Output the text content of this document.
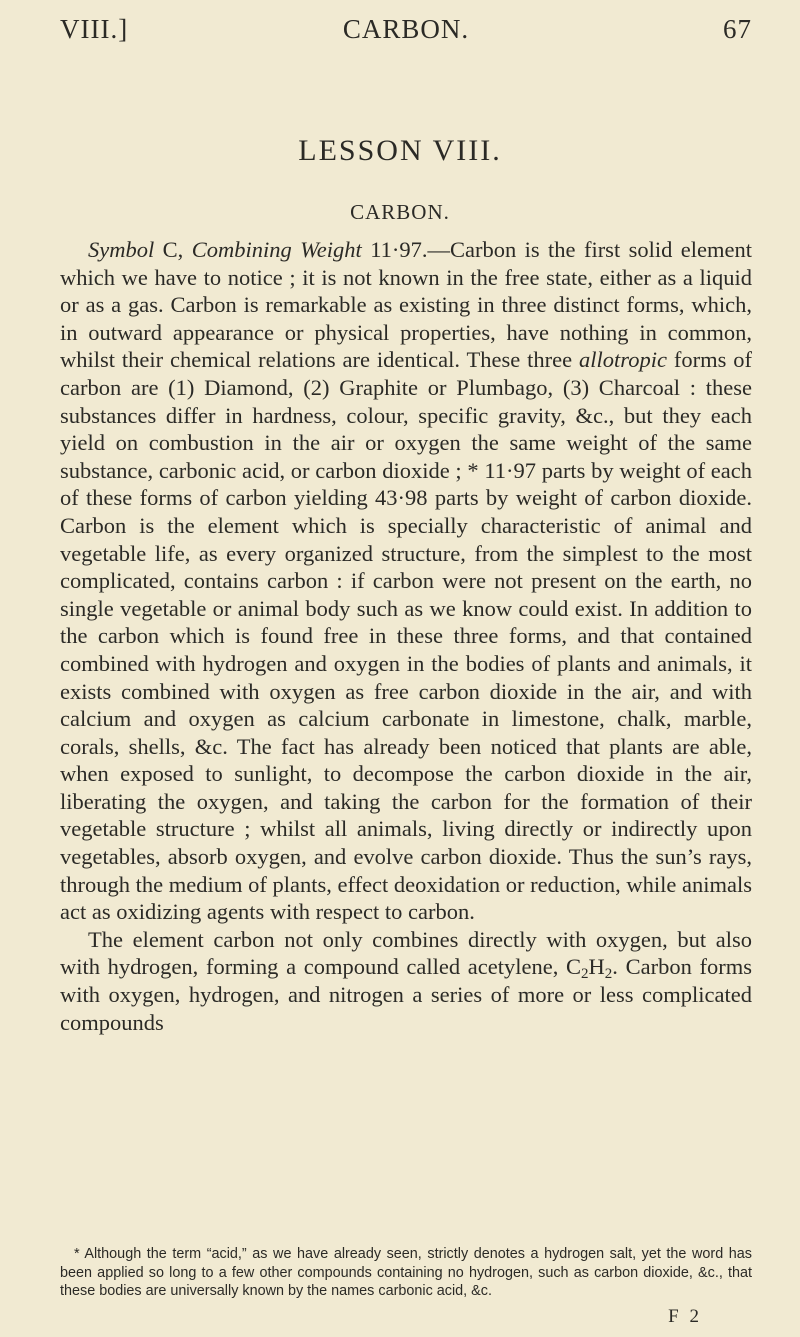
VIII.]	CARBON.	67
LESSON VIII.
CARBON.

Symbol C, Combining Weight 11·97.—Carbon is the first solid element which we have to notice ; it is not known in the free state, either as a liquid or as a gas. Carbon is remarkable as existing in three distinct forms, which, in outward appearance or physical properties, have nothing in common, whilst their chemical relations are identical. These three allotropic forms of carbon are (1) Diamond, (2) Graphite or Plumbago, (3) Charcoal : these substances differ in hardness, colour, specific gravity, &c., but they each yield on combustion in the air or oxygen the same weight of the same substance, carbonic acid, or carbon dioxide ; * 11·97 parts by weight of each of these forms of carbon yielding 43·98 parts by weight of carbon dioxide. Carbon is the element which is specially characteristic of animal and vegetable life, as every organized structure, from the simplest to the most complicated, contains carbon : if carbon were not present on the earth, no single vegetable or animal body such as we know could exist. In addition to the carbon which is found free in these three forms, and that contained combined with hydrogen and oxygen in the bodies of plants and animals, it exists combined with oxygen as free carbon dioxide in the air, and with calcium and oxygen as calcium carbonate in limestone, chalk, marble, corals, shells, &c. The fact has already been noticed that plants are able, when exposed to sunlight, to decompose the carbon dioxide in the air, liberating the oxygen, and taking the carbon for the formation of their vegetable structure ; whilst all animals, living directly or indirectly upon vegetables, absorb oxygen, and evolve carbon dioxide. Thus the sun’s rays, through the medium of plants, effect deoxidation or reduction, while animals act as oxidizing agents with respect to carbon.

The element carbon not only combines directly with oxygen, but also with hydrogen, forming a compound called acetylene, $C_2H_2$. Carbon forms with oxygen, hydrogen, and nitrogen a series of more or less complicated compounds

* Although the term “acid,” as we have already seen, strictly denotes a hydrogen salt, yet the word has been applied so long to a few other compounds containing no hydrogen, such as carbon dioxide, &c., that these bodies are universally known by the names carbonic acid, &c.
F 2
